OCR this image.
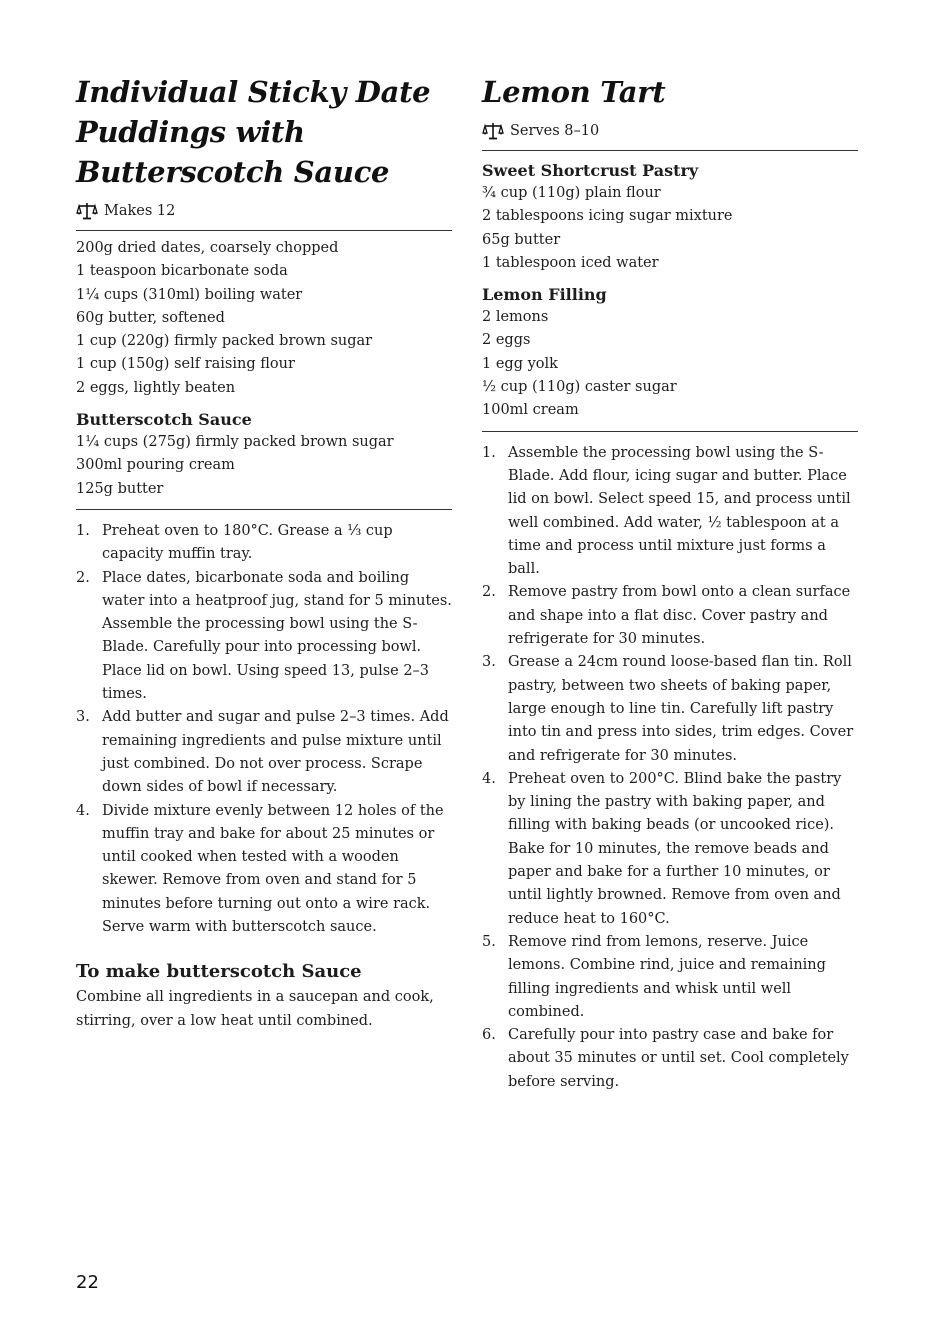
Individual Sticky Date Puddings with Butterscotch Sauce
Makes 12
200g dried dates, coarsely chopped
1 teaspoon bicarbonate soda
1¼ cups (310ml) boiling water
60g butter, softened
1 cup (220g) firmly packed brown sugar
1 cup (150g) self raising flour
2 eggs, lightly beaten
Butterscotch Sauce
1¼ cups (275g) firmly packed brown sugar
300ml pouring cream
125g butter
1. Preheat oven to 180°C. Grease a ⅓ cup capacity muffin tray.
2. Place dates, bicarbonate soda and boiling water into a heatproof jug, stand for 5 minutes. Assemble the processing bowl using the S-Blade. Carefully pour into processing bowl. Place lid on bowl. Using speed 13, pulse 2–3 times.
3. Add butter and sugar and pulse 2–3 times. Add remaining ingredients and pulse mixture until just combined. Do not over process. Scrape down sides of bowl if necessary.
4. Divide mixture evenly between 12 holes of the muffin tray and bake for about 25 minutes or until cooked when tested with a wooden skewer. Remove from oven and stand for 5 minutes before turning out onto a wire rack. Serve warm with butterscotch sauce.
To make butterscotch Sauce

Combine all ingredients in a saucepan and cook, stirring, over a low heat until combined.

Lemon Tart
Serves 8–10
Sweet Shortcrust Pastry
¾ cup (110g) plain flour
2 tablespoons icing sugar mixture
65g butter
1 tablespoon iced water
Lemon Filling
2 lemons
2 eggs
1 egg yolk
½ cup (110g) caster sugar
100ml cream
1. Assemble the processing bowl using the S-Blade. Add flour, icing sugar and butter. Place lid on bowl. Select speed 15, and process until well combined. Add water, ½ tablespoon at a time and process until mixture just forms a ball.
2. Remove pastry from bowl onto a clean surface and shape into a flat disc. Cover pastry and refrigerate for 30 minutes.
3. Grease a 24cm round loose-based flan tin. Roll pastry, between two sheets of baking paper, large enough to line tin. Carefully lift pastry into tin and press into sides, trim edges. Cover and refrigerate for 30 minutes.
4. Preheat oven to 200°C. Blind bake the pastry by lining the pastry with baking paper, and filling with baking beads (or uncooked rice). Bake for 10 minutes, the remove beads and paper and bake for a further 10 minutes, or until lightly browned. Remove from oven and reduce heat to 160°C.
5. Remove rind from lemons, reserve. Juice lemons. Combine rind, juice and remaining filling ingredients and whisk until well combined.
6. Carefully pour into pastry case and bake for about 35 minutes or until set. Cool completely before serving.
22
